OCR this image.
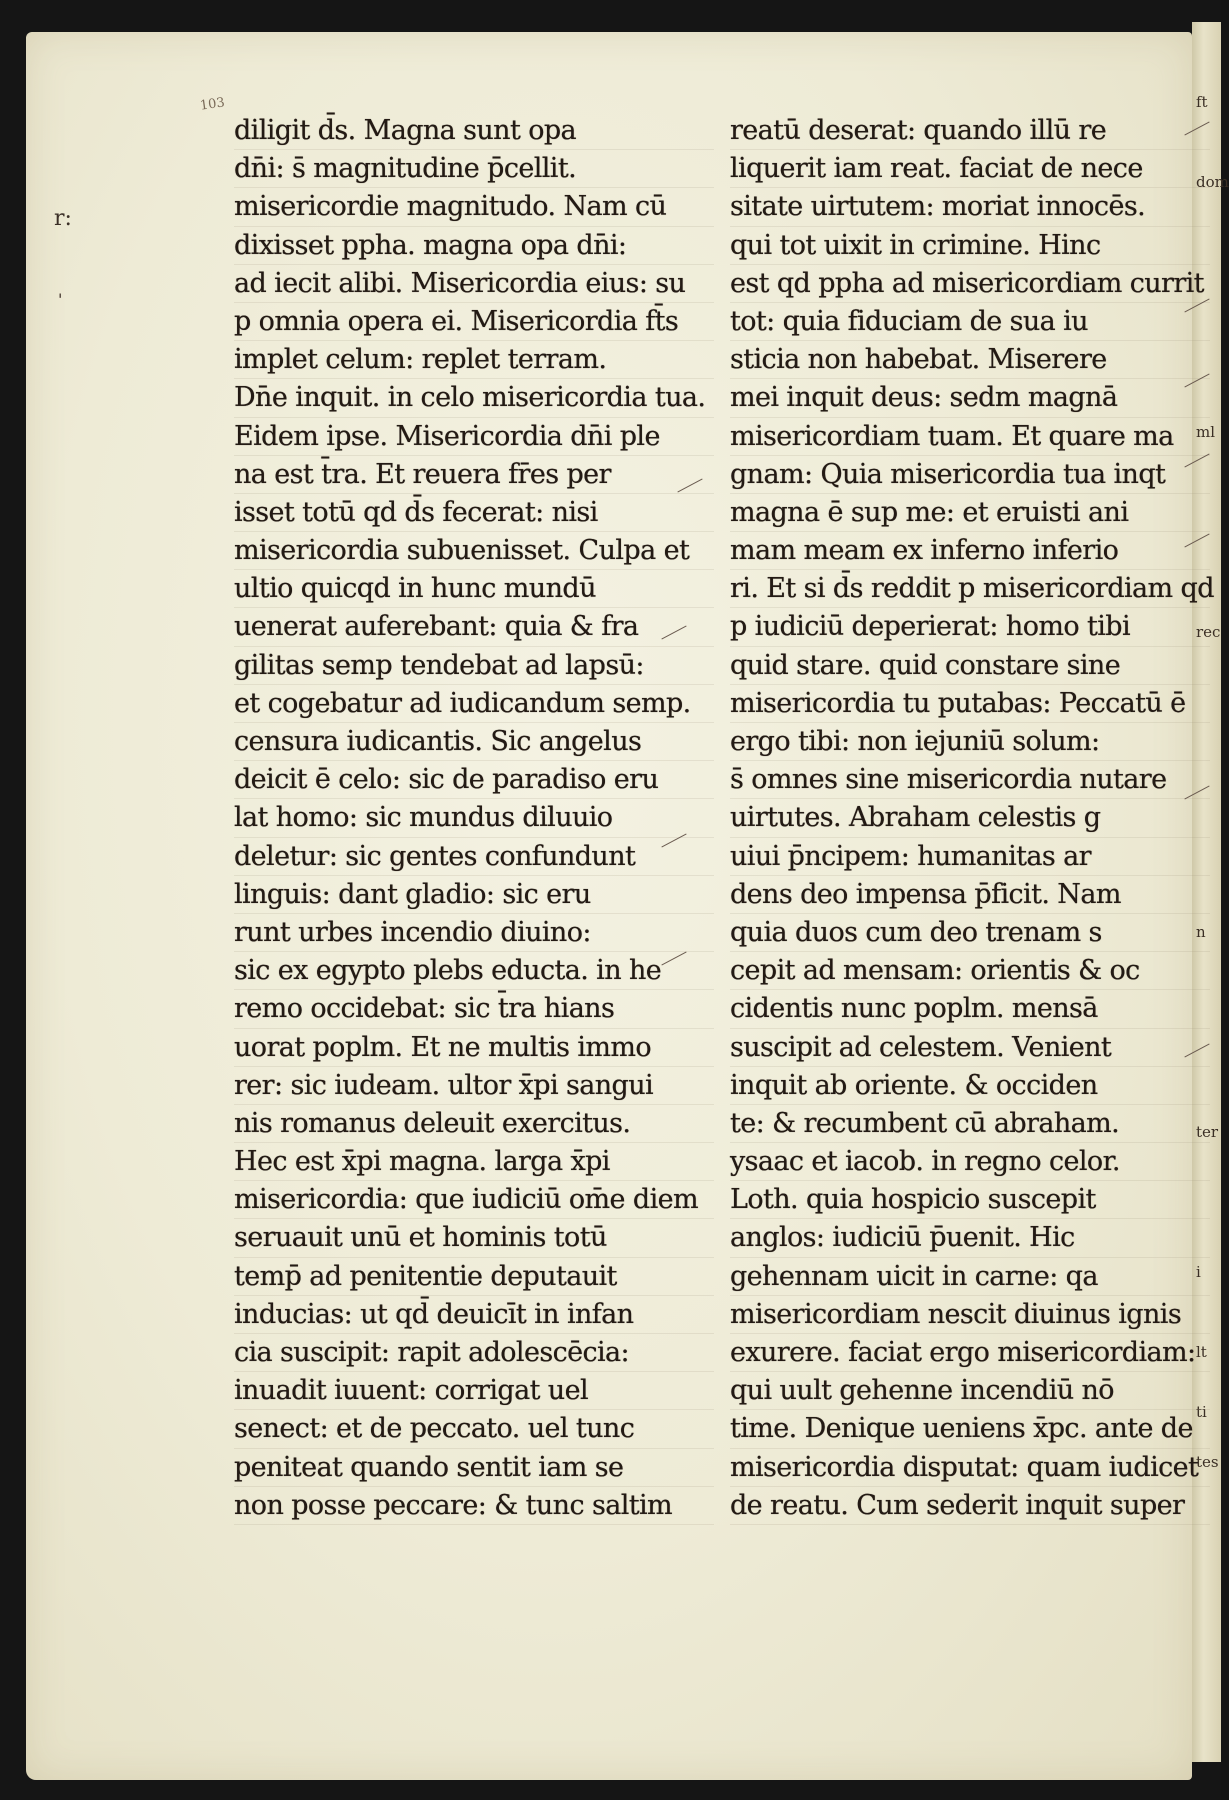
ft
dom
ml
rec
n
ter
i
lt
ti
tes
103
r:
'
diligit d̄s. Magna sunt opa
dn̄i: s̄ magnitudine p̄cellit.
misericordie magnitudo. Nam cū
dixisset ppha. magna opa dn̄i:
ad iecit alibi. Misericordia eius: su
p omnia opera ei. Misericordia ft̄s
implet celum: replet terram.
Dn̄e inquit. in celo misericordia tua.
Eidem ipse. Misericordia dn̄i ple
na est t̄ra. Et reuera fr̄es per
isset totū qd d̄s fecerat: nisi
misericordia subuenisset. Culpa et
ultio quicqd in hunc mundū
uenerat auferebant: quia & fra
gilitas semp tendebat ad lapsū:
et cogebatur ad iudicandum semp.
censura iudicantis. Sic angelus
deicit ē celo: sic de paradiso eru
lat homo: sic mundus diluuio
deletur: sic gentes confundunt
linguis: dant gladio: sic eru
runt urbes incendio diuino:
sic ex egypto plebs educta. in he
remo occidebat: sic t̄ra hians
uorat poplm. Et ne multis immo
rer: sic iudeam. ultor x̄pi sangui
nis romanus deleuit exercitus.
Hec est x̄pi magna. larga x̄pi
misericordia: que iudiciū om̄e diem
seruauit unū et hominis totū
temp̄ ad penitentie deputauit
inducias: ut qd̄ deuicīt in infan
cia suscipit: rapit adolescēcia:
inuadit iuuent: corrigat uel
senect: et de peccato. uel tunc
peniteat quando sentit iam se
non posse peccare: & tunc saltim
reatū deserat: quando illū re
liquerit iam reat. faciat de nece
sitate uirtutem: moriat innocēs.
qui tot uixit in crimine. Hinc
est qd ppha ad misericordiam currit
tot: quia fiduciam de sua iu
sticia non habebat. Miserere
mei inquit deus: sedm magnā
misericordiam tuam. Et quare ma
gnam: Quia misericordia tua inqt
magna ē sup me: et eruisti ani
mam meam ex inferno inferio
ri. Et si d̄s reddit p misericordiam qd
p iudiciū deperierat: homo tibi
quid stare. quid constare sine
misericordia tu putabas: Peccatū ē
ergo tibi: non iejuniū solum:
s̄ omnes sine misericordia nutare
uirtutes. Abraham celestis g
uiui p̄ncipem: humanitas ar
dens deo impensa p̄ficit. Nam
quia duos cum deo trenam s
cepit ad mensam: orientis & oc
cidentis nunc poplm. mensā
suscipit ad celestem. Venient
inquit ab oriente. & occiden
te: & recumbent cū abraham.
ysaac et iacob. in regno celor.
Loth. quia hospicio suscepit
anglos: iudiciū p̄uenit. Hic
gehennam uicit in carne: qa
misericordiam nescit diuinus ignis
exurere. faciat ergo misericordiam:
qui uult gehenne incendiū nō
time. Denique ueniens x̄pc. ante de
misericordia disputat: quam iudicet
de reatu. Cum sederit inquit super
